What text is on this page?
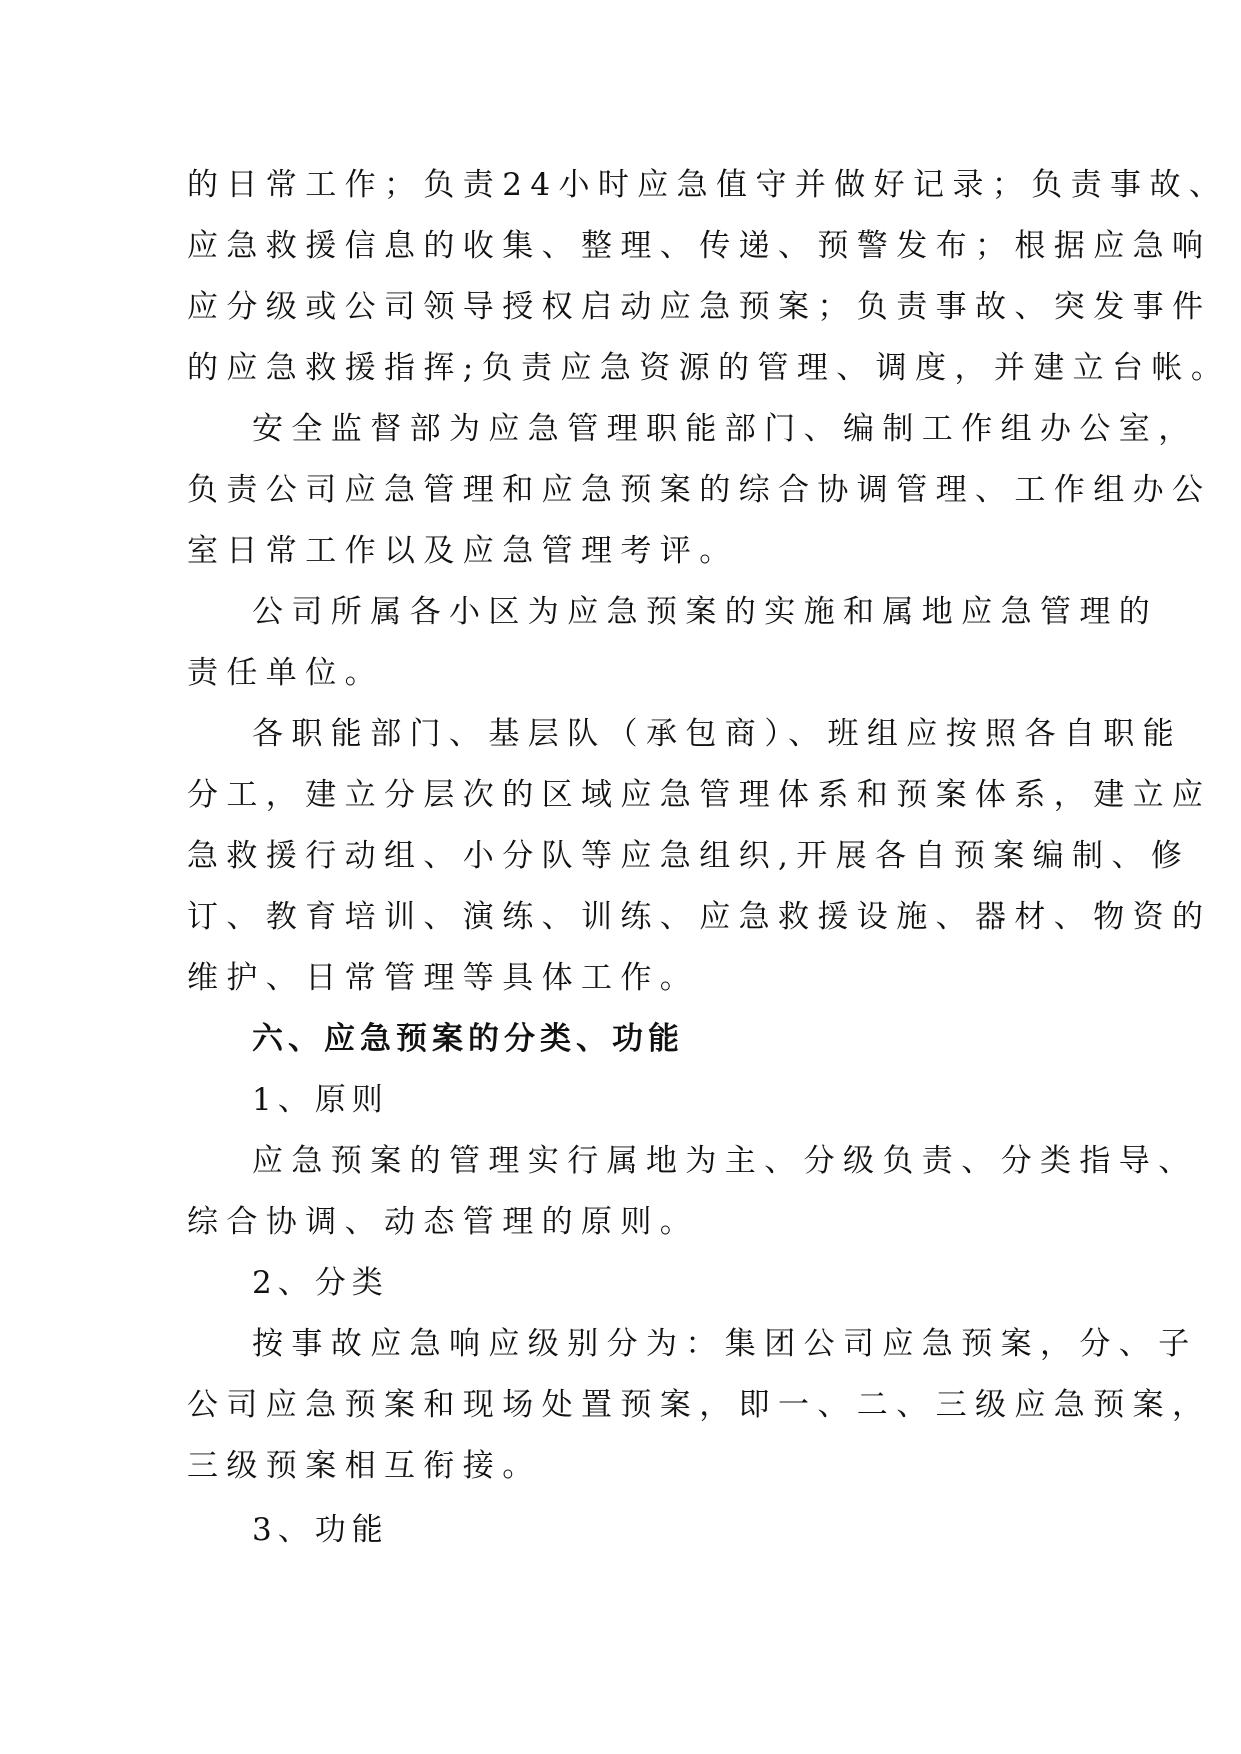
的日常工作；负责24小时应急值守并做好记录；负责事故、
应急救援信息的收集、整理、传递、预警发布；根据应急响
应分级或公司领导授权启动应急预案；负责事故、突发事件
的应急救援指挥;负责应急资源的管理、调度，并建立台帐。
安全监督部为应急管理职能部门、编制工作组办公室，
负责公司应急管理和应急预案的综合协调管理、工作组办公
室日常工作以及应急管理考评。
公司所属各小区为应急预案的实施和属地应急管理的
责任单位。
各职能部门、基层队（承包商）、班组应按照各自职能
分工，建立分层次的区域应急管理体系和预案体系，建立应
急救援行动组、小分队等应急组织,开展各自预案编制、修
订、教育培训、演练、训练、应急救援设施、器材、物资的
维护、日常管理等具体工作。
六、应急预案的分类、功能
1、原则
应急预案的管理实行属地为主、分级负责、分类指导、
综合协调、动态管理的原则。
2、分类
按事故应急响应级别分为：集团公司应急预案，分、子
公司应急预案和现场处置预案，即一、二、三级应急预案，
三级预案相互衔接。
3、功能
